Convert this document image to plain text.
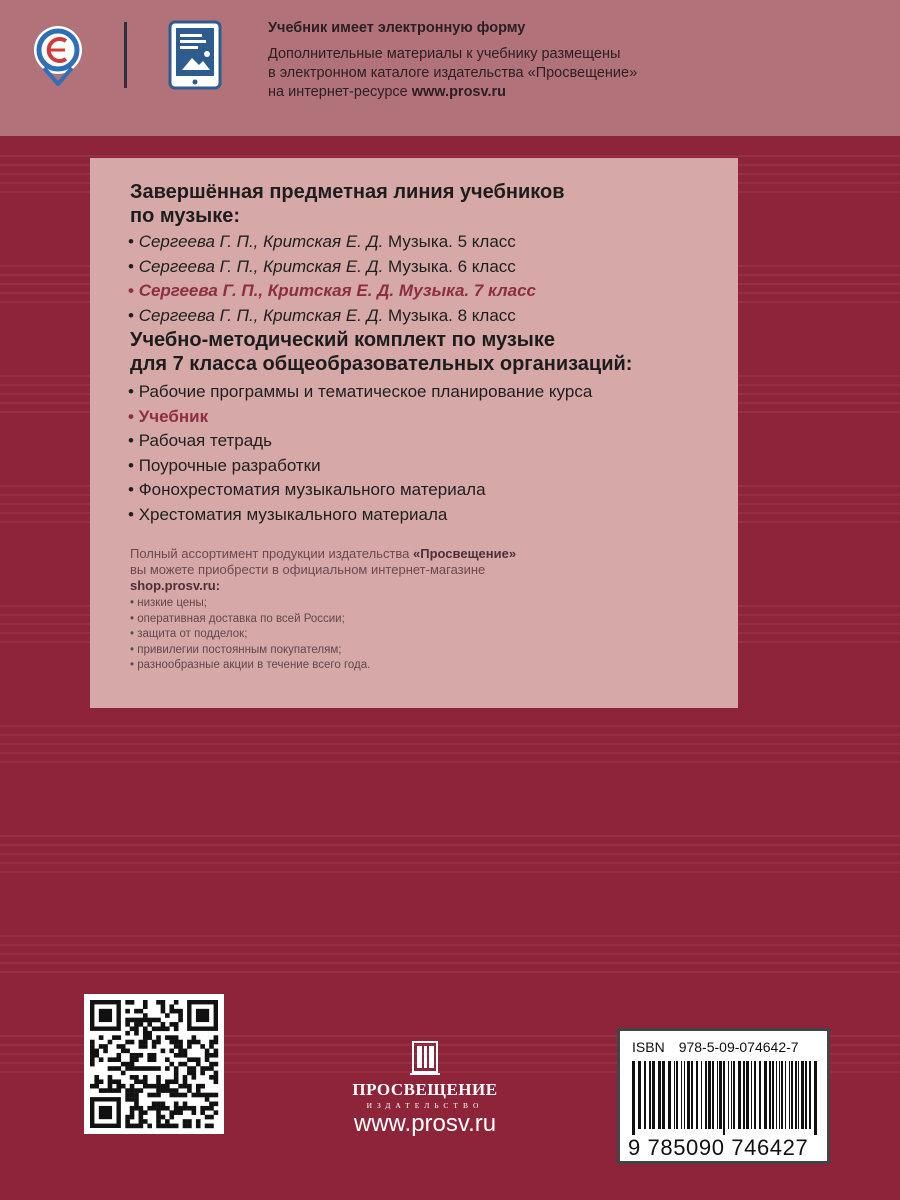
Учебник имеет электронную форму
Дополнительные материалы к учебнику размещены
в электронном каталоге издательства «Просвещение»
на интернет-ресурсе www.prosv.ru
Завершённая предметная линия учебников
по музыке:
• Сергеева Г. П., Критская Е. Д. Музыка. 5 класс
• Сергеева Г. П., Критская Е. Д. Музыка. 6 класс
• Сергеева Г. П., Критская Е. Д. Музыка. 7 класс
• Сергеева Г. П., Критская Е. Д. Музыка. 8 класс
Учебно-методический комплект по музыке
для 7 класса общеобразовательных организаций:
• Рабочие программы и тематическое планирование курса
• Учебник
• Рабочая тетрадь
• Поурочные разработки
• Фонохрестоматия музыкального материала
• Хрестоматия музыкального материала
Полный ассортимент продукции издательства «Просвещение»
вы можете приобрести в официальном интернет-магазине
shop.prosv.ru:
• низкие цены;
• оперативная доставка по всей России;
• защита от подделок;
• привилегии постоянным покупателям;
• разнообразные акции в течение всего года.
ПРОСВЕЩЕНИЕ
ИЗДАТЕЛЬСТВО
www.prosv.ru
ISBN 978-5-09-074642-7
9 785090 746427
